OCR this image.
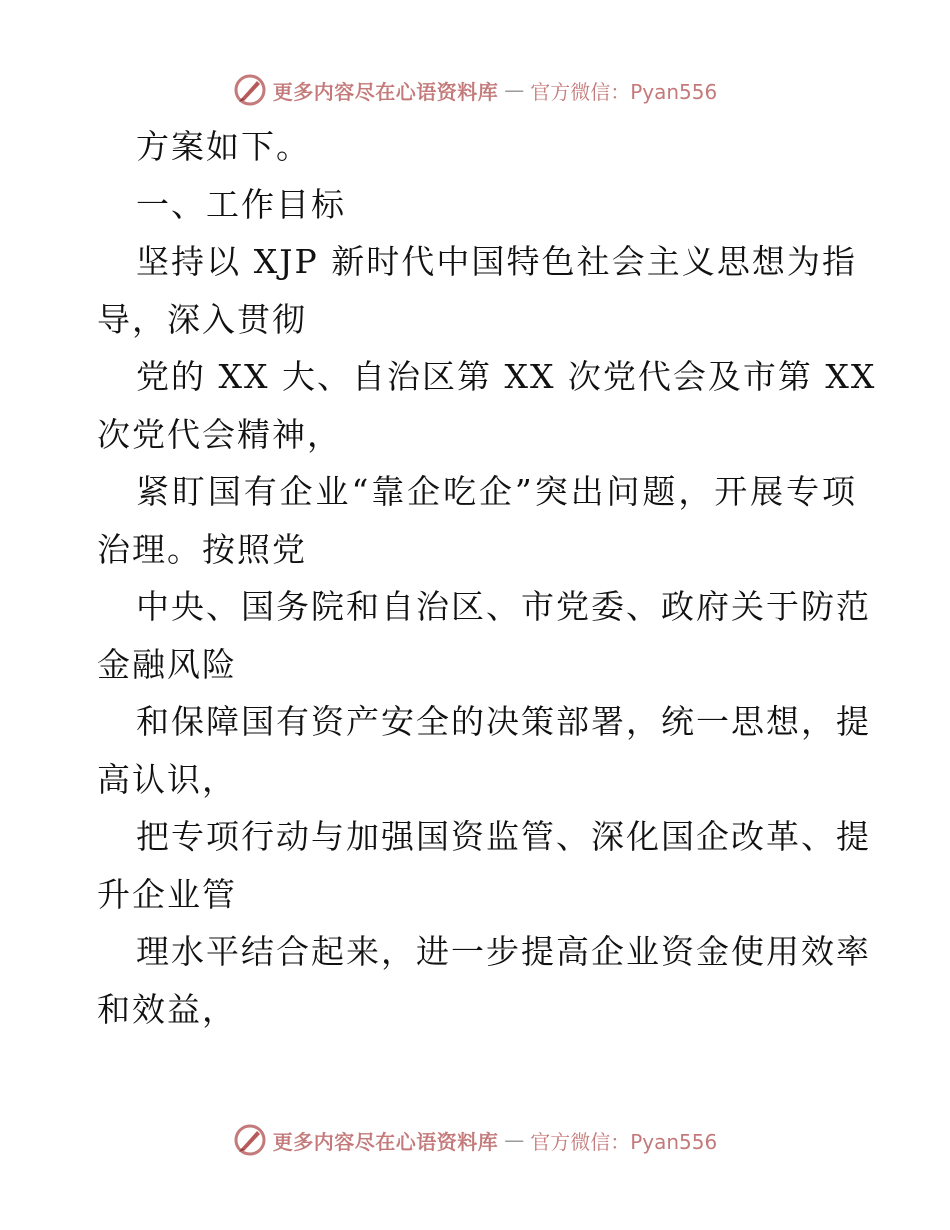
更多内容尽在心语资料库 — 官方微信：Pyan556
方案如下。
一、工作目标
坚持以 XJP 新时代中国特色社会主义思想为指
导，深入贯彻
党的 XX 大、自治区第 XX 次党代会及市第 XX
次党代会精神，
紧盯国有企业“靠企吃企”突出问题，开展专项
治理。按照党
中央、国务院和自治区、市党委、政府关于防范
金融风险
和保障国有资产安全的决策部署，统一思想，提
高认识，
把专项行动与加强国资监管、深化国企改革、提
升企业管
理水平结合起来，进一步提高企业资金使用效率
和效益，
更多内容尽在心语资料库 — 官方微信：Pyan556
